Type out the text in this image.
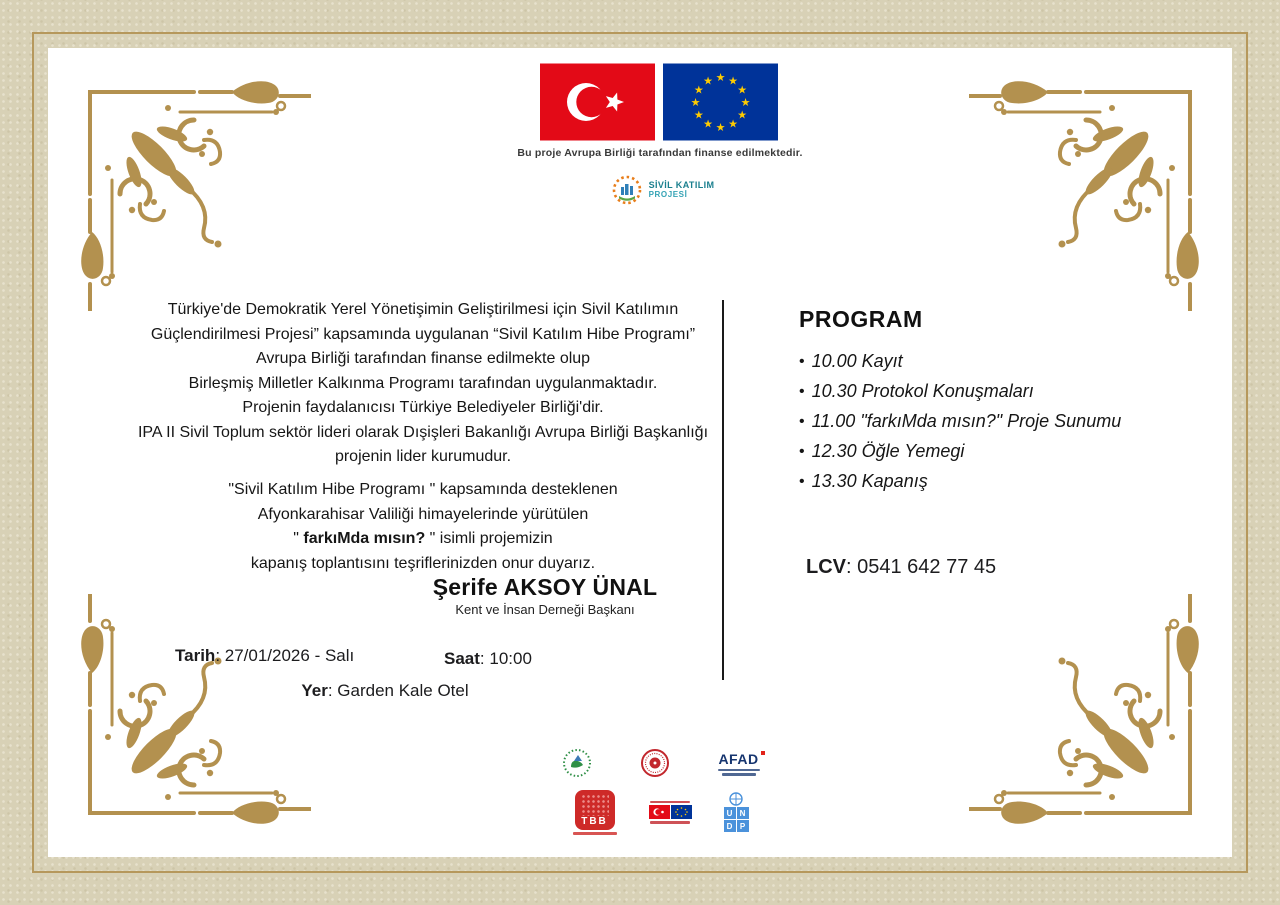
★ ★
★
★
★
★
★
★
★
★
★
★
Bu proje Avrupa Birliği tarafından finanse edilmektedir.
SİVİL KATILIM
PROJESİ
Türkiye'de Demokratik Yerel Yönetişimin Geliştirilmesi için Sivil Katılımın
Güçlendirilmesi Projesi” kapsamında uygulanan “Sivil Katılım Hibe Programı”
Avrupa Birliği tarafından finanse edilmekte olup
Birleşmiş Milletler Kalkınma Programı tarafından uygulanmaktadır.
Projenin faydalanıcısı Türkiye Belediyeler Birliği'dir.
IPA II Sivil Toplum sektör lideri olarak Dışişleri Bakanlığı Avrupa Birliği Başkanlığı
projenin lider kurumudur.
"Sivil Katılım Hibe Programı " kapsamında desteklenen
Afyonkarahisar Valiliği himayelerinde yürütülen
" farkıMda mısın? " isimli projemizin
kapanış toplantısını teşriflerinizden onur duyarız.
Şerife AKSOY ÜNAL
Kent ve İnsan Derneği Başkanı
Tarih: 27/01/2026 - Salı	Saat: 10:00
Yer: Garden Kale Otel
PROGRAM
• 10.00 Kayıt
• 10.30 Protokol Konuşmaları
• 11.00 "farkıMda mısın?" Proje Sunumu
• 12.30 Öğle Yemegi
• 13.30 Kapanış
LCV: 0541 642 77 45
AFAD
TBB
U N
D P
